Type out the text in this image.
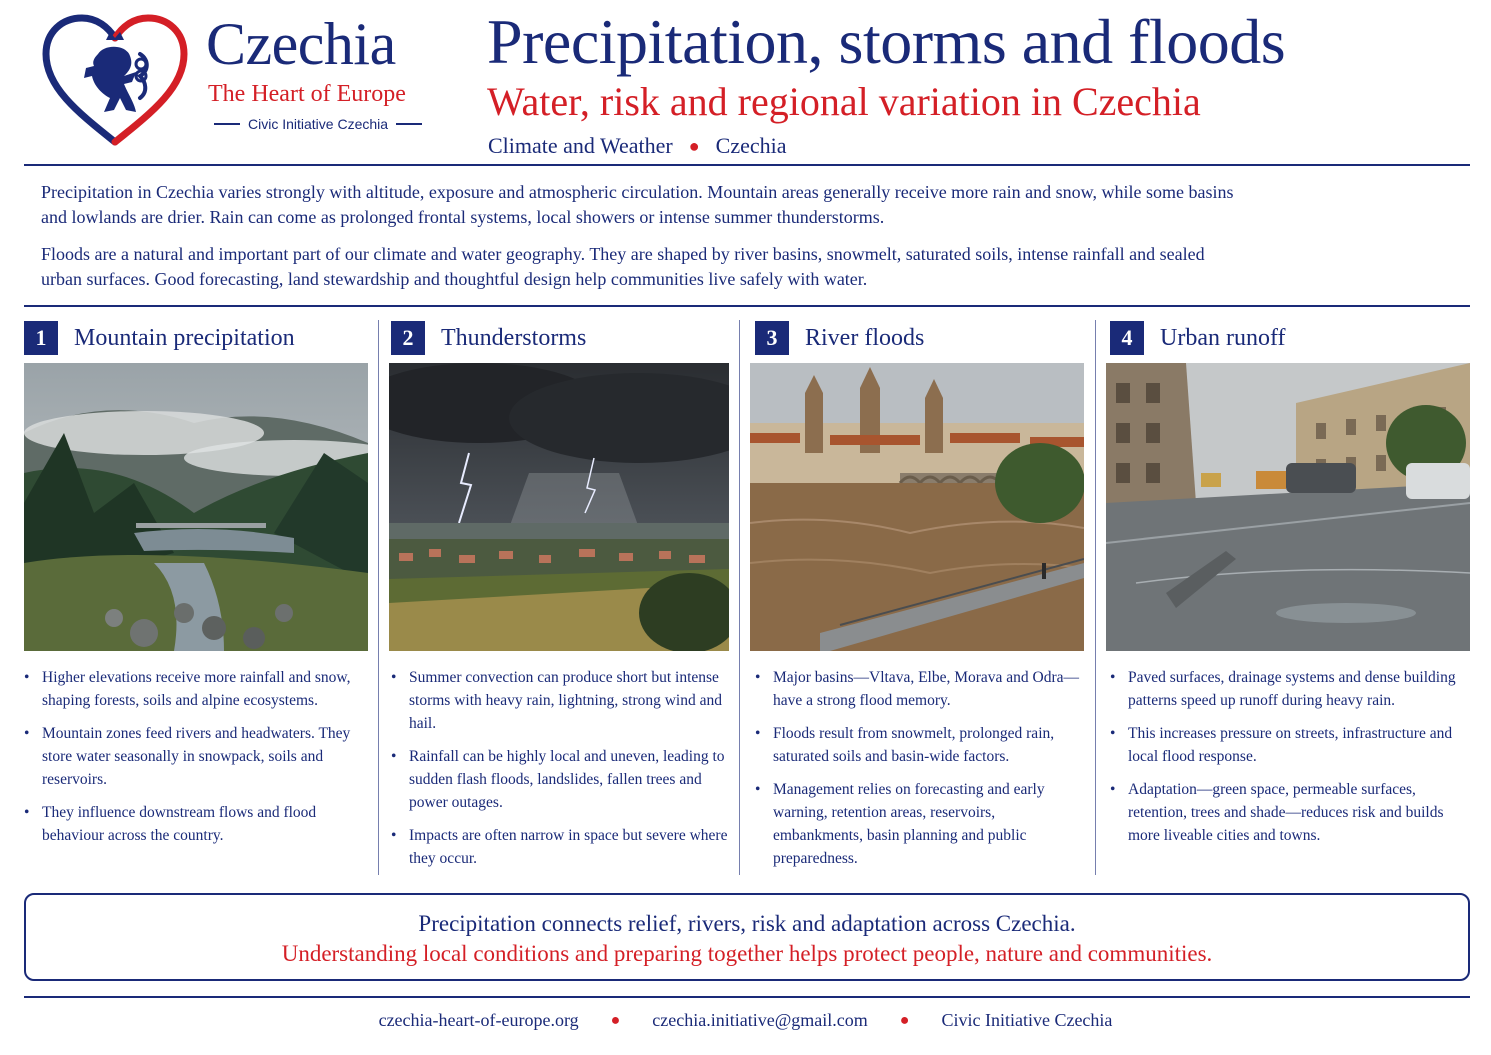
Czechia
The Heart of Europe
Civic Initiative Czechia
Precipitation, storms and floods
Water, risk and regional variation in Czechia
Climate and Weather ● Czechia

Precipitation in Czechia varies strongly with altitude, exposure and atmospheric circulation. Mountain areas generally receive more rain and snow, while some basins and lowlands are drier. Rain can come as prolonged frontal systems, local showers or intense summer thunderstorms.

Floods are a natural and important part of our climate and water geography. They are shaped by river basins, snowmelt, saturated soils, intense rainfall and sealed urban surfaces. Good forecasting, land stewardship and thoughtful design help communities live safely with water.

1	Mountain precipitation
• Higher elevations receive more rainfall and snow, shaping forests, soils and alpine ecosystems.
• Mountain zones feed rivers and headwaters. They store water seasonally in snowpack, soils and reservoirs.
• They influence downstream flows and flood behaviour across the country.
2	Thunderstorms
• Summer convection can produce short but intense storms with heavy rain, lightning, strong wind and hail.
• Rainfall can be highly local and uneven, leading to sudden flash floods, landslides, fallen trees and power outages.
• Impacts are often narrow in space but severe where they occur.
3	River floods
• Major basins—Vltava, Elbe, Morava and Odra—have a strong flood memory.
• Floods result from snowmelt, prolonged rain, saturated soils and basin-wide factors.
• Management relies on forecasting and early warning, retention areas, reservoirs, embankments, basin planning and public preparedness.
4	Urban runoff
• Paved surfaces, drainage systems and dense building patterns speed up runoff during heavy rain.
• This increases pressure on streets, infrastructure and local flood response.
• Adaptation—green space, permeable surfaces, retention, trees and shade—reduces risk and builds more liveable cities and towns.
Precipitation connects relief, rivers, risk and adaptation across Czechia.
Understanding local conditions and preparing together helps protect people, nature and communities.
czechia-heart-of-europe.org ● czechia.initiative@gmail.com ● Civic Initiative Czechia
